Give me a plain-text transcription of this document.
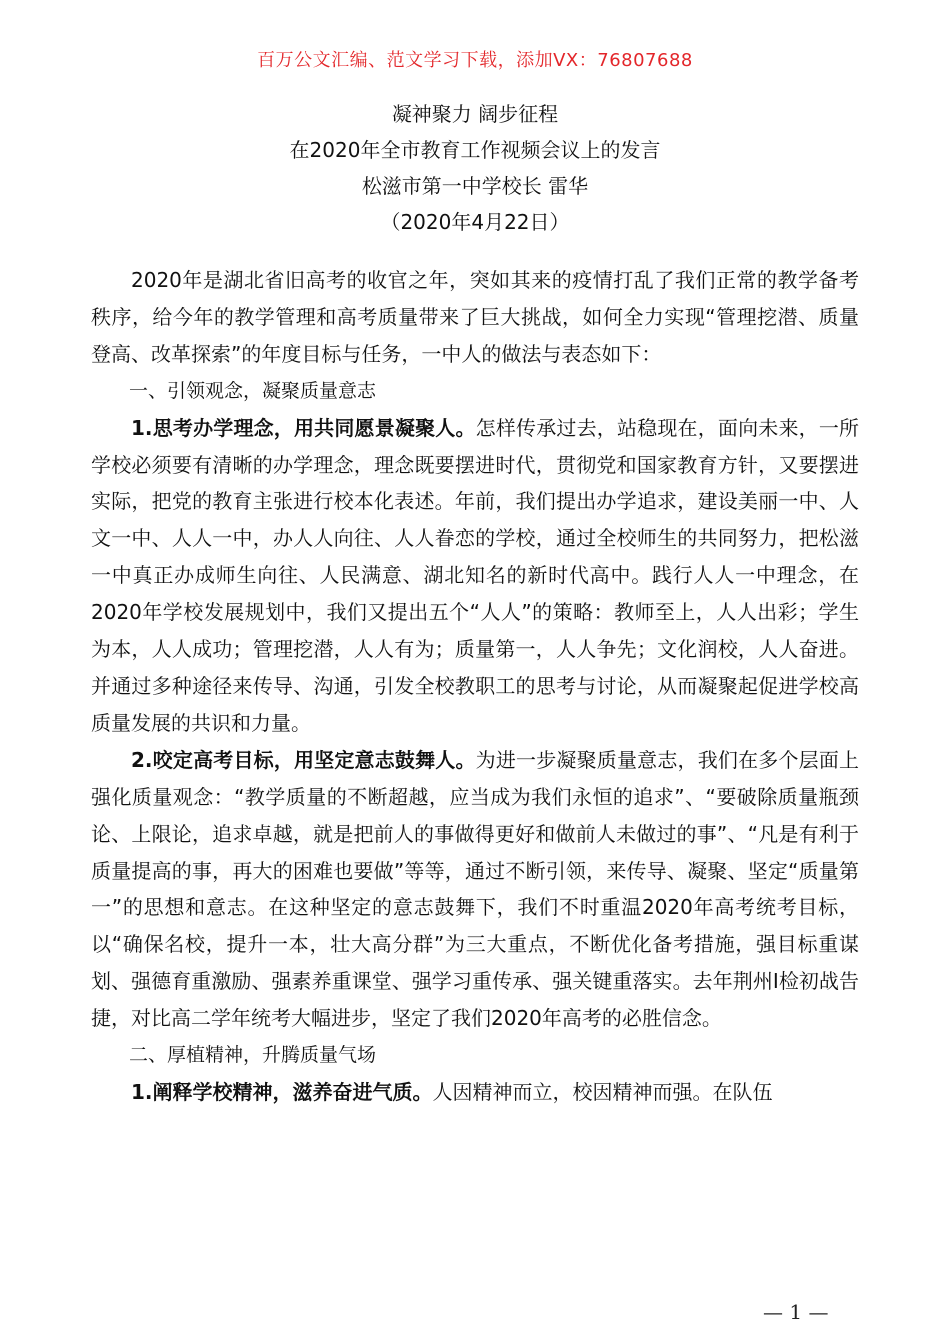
百万公文汇编、范文学习下载，添加VX：76807688
凝神聚力 阔步征程
在2020年全市教育工作视频会议上的发言
松滋市第一中学校长 雷华
（2020年4月22日）

2020年是湖北省旧高考的收官之年，突如其来的疫情打乱了我们正常的教学备考秩序，给今年的教学管理和高考质量带来了巨大挑战，如何全力实现“管理挖潜、质量登高、改革探索”的年度目标与任务，一中人的做法与表态如下：

一、引领观念，凝聚质量意志

1.思考办学理念，用共同愿景凝聚人。怎样传承过去，站稳现在，面向未来，一所学校必须要有清晰的办学理念，理念既要摆进时代，贯彻党和国家教育方针，又要摆进实际，把党的教育主张进行校本化表述。年前，我们提出办学追求，建设美丽一中、人文一中、人人一中，办人人向往、人人眷恋的学校，通过全校师生的共同努力，把松滋一中真正办成师生向往、人民满意、湖北知名的新时代高中。践行人人一中理念，在2020年学校发展规划中，我们又提出五个“人人”的策略：教师至上，人人出彩；学生为本，人人成功；管理挖潜，人人有为；质量第一，人人争先；文化润校，人人奋进。并通过多种途径来传导、沟通，引发全校教职工的思考与讨论，从而凝聚起促进学校高质量发展的共识和力量。

2.咬定高考目标，用坚定意志鼓舞人。为进一步凝聚质量意志，我们在多个层面上强化质量观念：“教学质量的不断超越，应当成为我们永恒的追求”、“要破除质量瓶颈论、上限论，追求卓越，就是把前人的事做得更好和做前人未做过的事”、“凡是有利于质量提高的事，再大的困难也要做”等等，通过不断引领，来传导、凝聚、坚定“质量第一”的思想和意志。在这种坚定的意志鼓舞下，我们不时重温2020年高考统考目标，以“确保名校，提升一本，壮大高分群”为三大重点，不断优化备考措施，强目标重谋划、强德育重激励、强素养重课堂、强学习重传承、强关键重落实。去年荆州Ⅰ检初战告捷，对比高二学年统考大幅进步，坚定了我们2020年高考的必胜信念。

二、厚植精神，升腾质量气场

1.阐释学校精神，滋养奋进气质。人因精神而立，校因精神而强。在队伍

— 1 —
